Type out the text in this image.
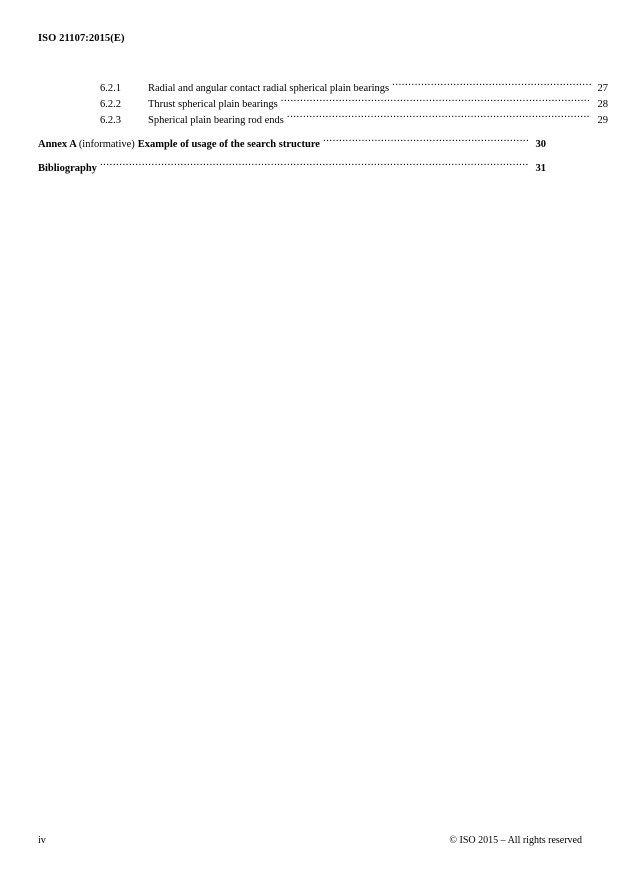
ISO 21107:2015(E)
6.2.1	Radial and angular contact radial spherical plain bearings .....	27
6.2.2	Thrust spherical plain bearings .....	28
6.2.3	Spherical plain bearing rod ends .....	29
Annex A (informative) Example of usage of the search structure .....	30
Bibliography .....	31
iv	© ISO 2015 – All rights reserved
